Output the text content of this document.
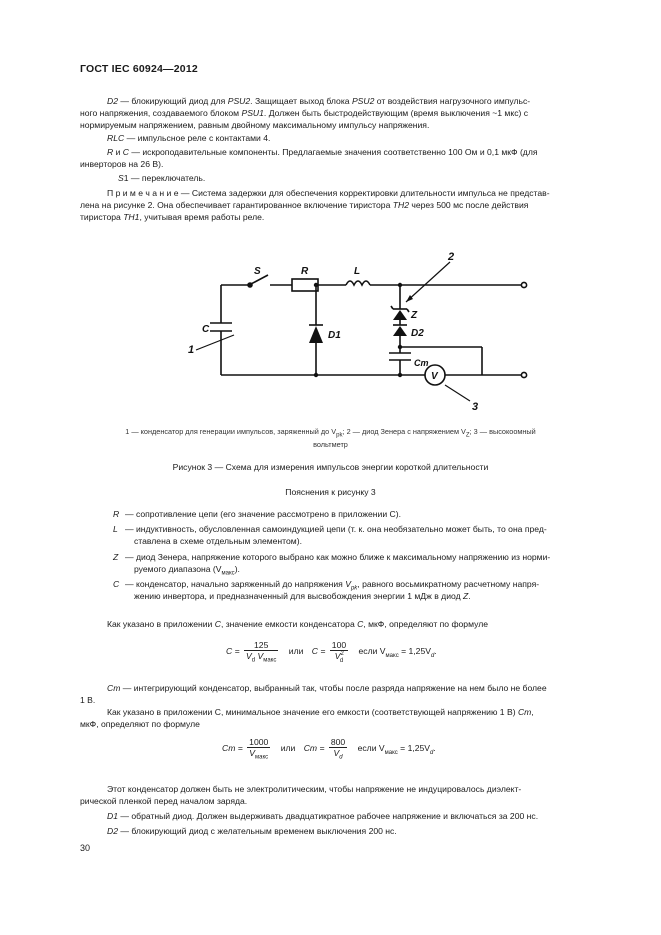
ГОСТ IEC 60924—2012
D2 — блокирующий диод для PSU2. Защищает выход блока PSU2 от воздействия нагрузочного импульс-
ного напряжения, создаваемого блоком PSU1. Должен быть быстродействующим (время выключения ~1 мкс) с
нормируемым напряжением, равным двойному максимальному импульсу напряжения.
RLC — импульсное реле с контактами 4.
R и C — искроподавительные компоненты. Предлагаемые значения соответственно 100 Ом и 0,1 мкФ (для
инверторов на 26 В).
S1 — переключатель.
П р и м е ч а н и е — Система задержки для обеспечения корректировки длительности импульса не представ-
лена на рисунке 2. Она обеспечивает гарантированное включение тиристора TH2 через 500 мс после действия
тиристора TH1, учитывая время работы реле.
S	R	L
C
D1
Z
D2
Cm
V
1
2
3
1 — конденсатор для генерации импульсов, заряженный до $V_{pk}$; 2 — диод Зенера с напряжением $V_Z$; 3 — высокоомный
вольтметр
Рисунок 3 — Схема для измерения импульсов энергии короткой длительности
Пояснения к рисунку 3
R — сопротивление цепи (его значение рассмотрено в приложении С).
L — индуктивность, обусловленная самоиндукцией цепи (т. к. она необязательно может быть, то она пред-
ставлена в схеме отдельным элементом).
Z — диод Зенера, напряжение которого выбрано как можно ближе к максимальному напряжению из норми-
руемого диапазона $(V_{макс})$.
C — конденсатор, начально заряженный до напряжения $V_{pk}$, равного восьмикратному расчетному напря-
жению инвертора, и предназначенный для высвобождения энергии 1 мДж в диод Z.
Как указано в приложении С, значение емкости конденсатора C, мкФ, определяют по формуле
$C = \frac{125}{V_d V_{макс}}$ или $C = \frac{100}{V^2_d}$ если $V_{макс} = 1,25V_d$.
Cm — интегрирующий конденсатор, выбранный так, чтобы после разряда напряжение на нем было не более
1 В.
Как указано в приложении С, минимальное значение его емкости (соответствующей напряжению 1 В) Cm,
мкФ, определяют по формуле
$Cm = \frac{1000}{V_{макс}}$ или $Cm = \frac{800}{V_d}$ если $V_{макс} = 1,25V_d$.
Этот конденсатор должен быть не электролитическим, чтобы напряжение не индуцировалось диэлект-
рической пленкой перед началом заряда.
D1 — обратный диод. Должен выдерживать двадцатикратное рабочее напряжение и включаться за 200 нс.
D2 — блокирующий диод с желательным временем выключения 200 нс.
30
